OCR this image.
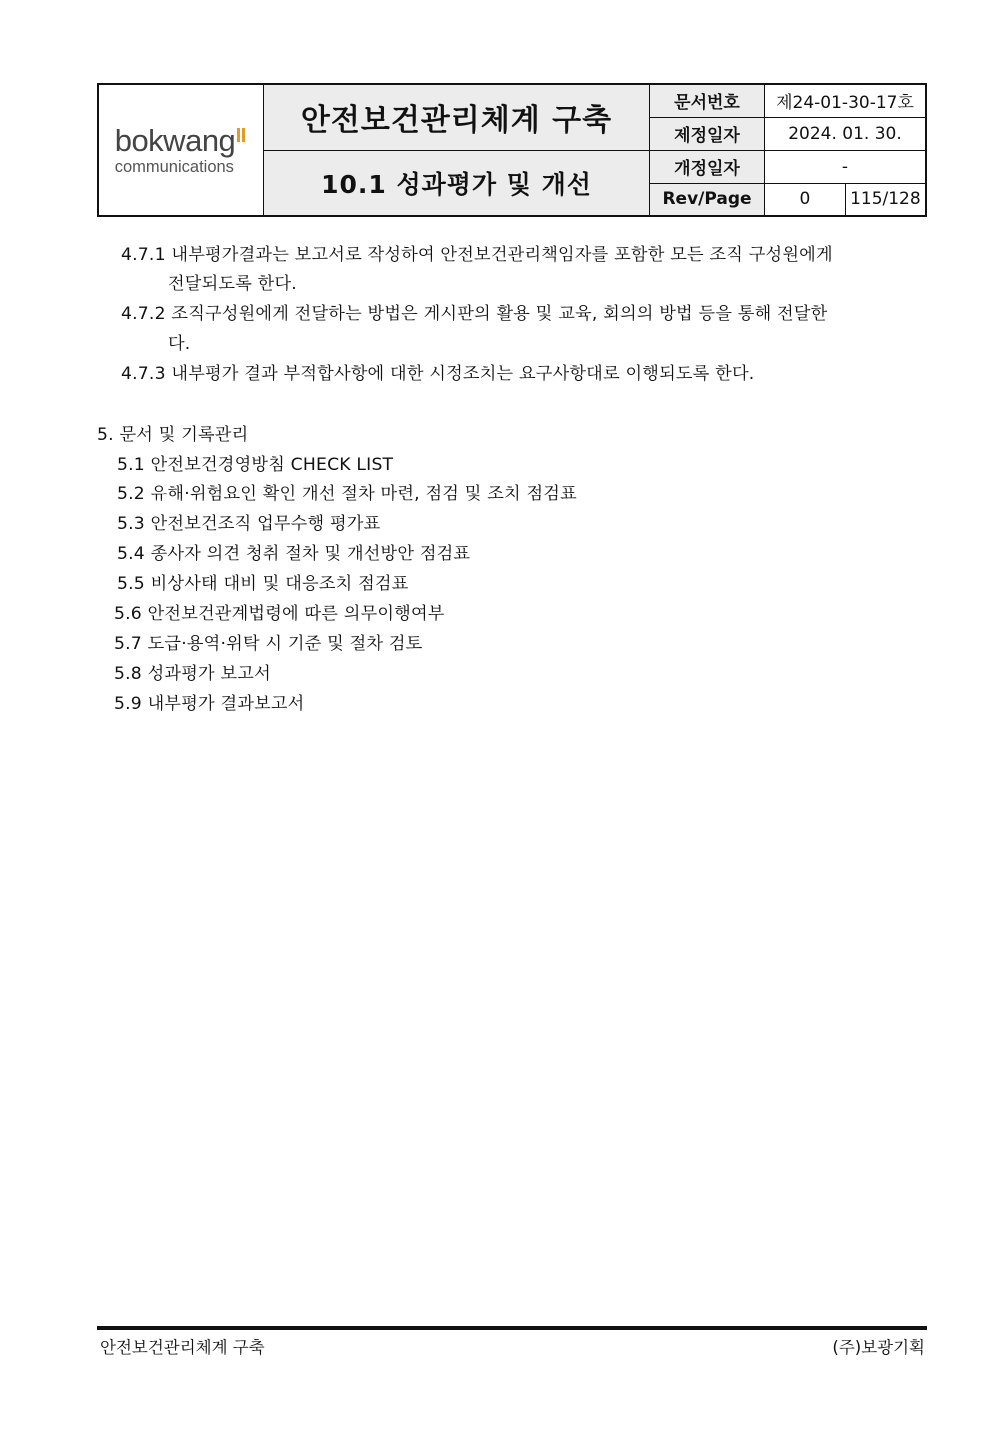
bokwang
communications	안전보건관리체계 구축	문서번호	제24-01-30-17호	
		제정일자	2024. 01. 30.	
	10.1 성과평가 및 개선	개정일자	-	
		Rev/Page	0	115/128
4.7.1 내부평가결과는 보고서로 작성하여 안전보건관리책임자를 포함한 모든 조직 구성원에게
전달되도록 한다.
4.7.2 조직구성원에게 전달하는 방법은 게시판의 활용 및 교육, 회의의 방법 등을 통해 전달한
다.
4.7.3 내부평가 결과 부적합사항에 대한 시정조치는 요구사항대로 이행되도록 한다.
5. 문서 및 기록관리
5.1 안전보건경영방침 CHECK LIST
5.2 유해·위험요인 확인 개선 절차 마련, 점검 및 조치 점검표
5.3 안전보건조직 업무수행 평가표
5.4 종사자 의견 청취 절차 및 개선방안 점검표
5.5 비상사태 대비 및 대응조치 점검표
5.6 안전보건관계법령에 따른 의무이행여부
5.7 도급·용역·위탁 시 기준 및 절차 검토
5.8 성과평가 보고서
5.9 내부평가 결과보고서
안전보건관리체계 구축	(주)보광기획
